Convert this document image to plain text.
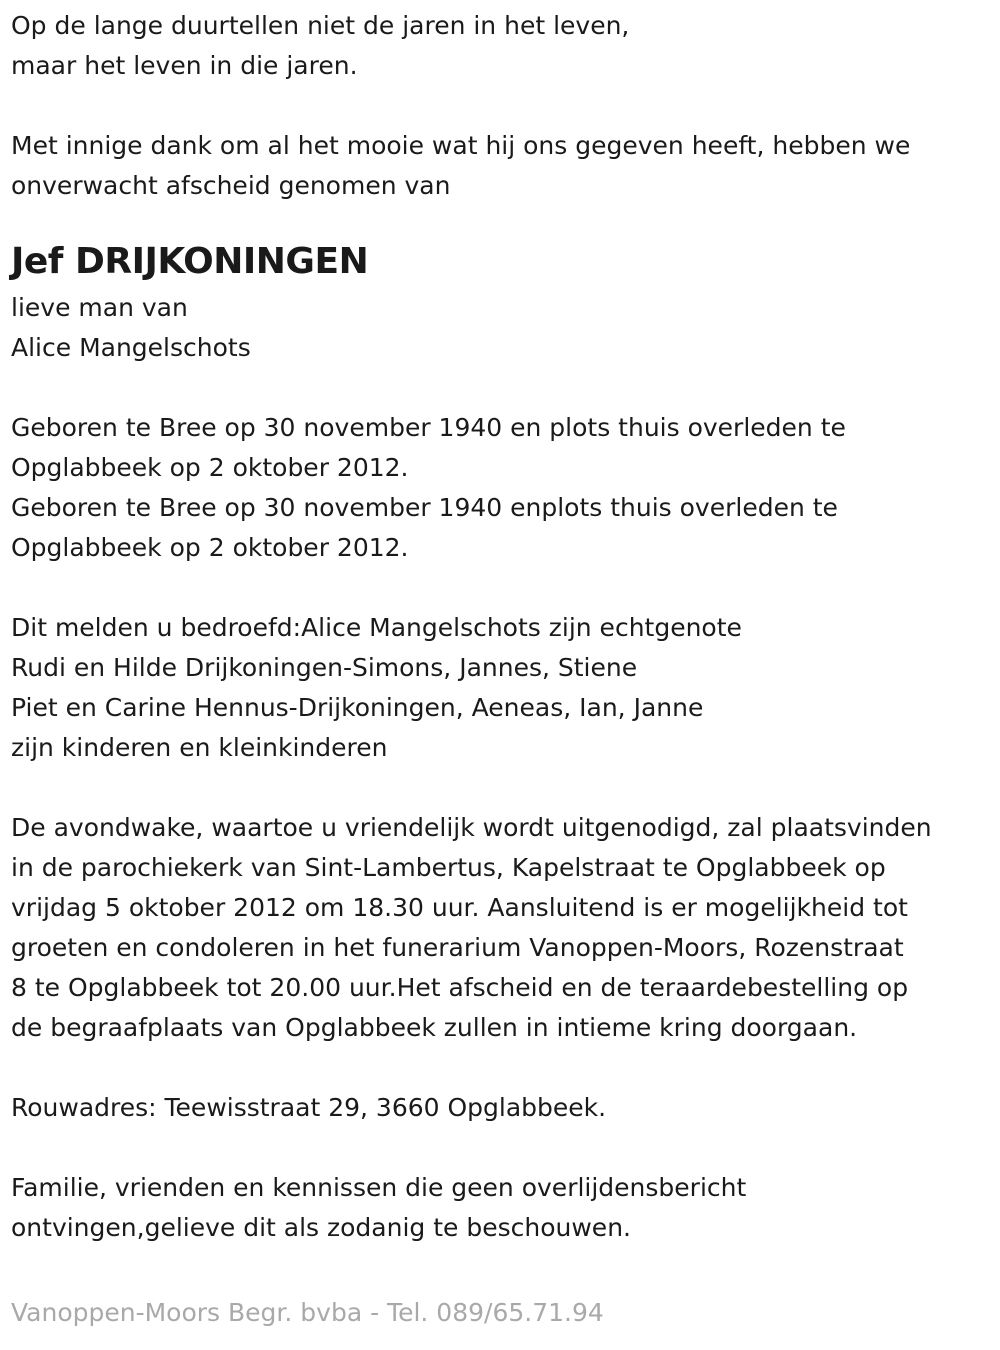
Op de lange duurtellen niet de jaren in het leven,
maar het leven in die jaren.
Met innige dank om al het mooie wat hij ons gegeven heeft, hebben we
onverwacht afscheid genomen van
Jef DRIJKONINGEN
lieve man van
Alice Mangelschots
Geboren te Bree op 30 november 1940 en plots thuis overleden te
Opglabbeek op 2 oktober 2012.
Geboren te Bree op 30 november 1940 enplots thuis overleden te
Opglabbeek op 2 oktober 2012.
Dit melden u bedroefd:Alice Mangelschots zijn echtgenote
Rudi en Hilde Drijkoningen-Simons, Jannes, Stiene
Piet en Carine Hennus-Drijkoningen, Aeneas, Ian, Janne
zijn kinderen en kleinkinderen
De avondwake, waartoe u vriendelijk wordt uitgenodigd, zal plaatsvinden
in de parochiekerk van Sint-Lambertus, Kapelstraat te Opglabbeek op
vrijdag 5 oktober 2012 om 18.30 uur. Aansluitend is er mogelijkheid tot
groeten en condoleren in het funerarium Vanoppen-Moors, Rozenstraat
8 te Opglabbeek tot 20.00 uur.Het afscheid en de teraardebestelling op
de begraafplaats van Opglabbeek zullen in intieme kring doorgaan.
Rouwadres: Teewisstraat 29, 3660 Opglabbeek.
Familie, vrienden en kennissen die geen overlijdensbericht
ontvingen,gelieve dit als zodanig te beschouwen.
Vanoppen-Moors Begr. bvba - Tel. 089/65.71.94
